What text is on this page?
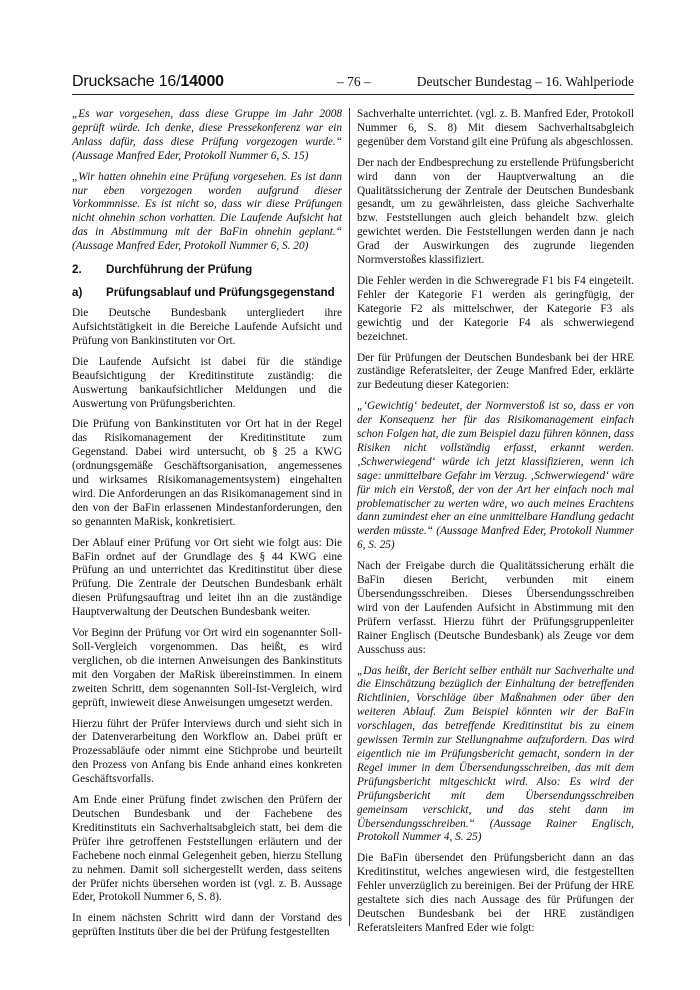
Drucksache 16/14000	– 76 –	Deutscher Bundestag – 16. Wahlperiode

„Es war vorgesehen, dass diese Gruppe im Jahr 2008 geprüft würde. Ich denke, diese Pressekonferenz war ein Anlass dafür, dass diese Prüfung vorgezogen wurde.“ (Aussage Manfred Eder, Protokoll Nummer 6, S. 15)

„Wir hatten ohnehin eine Prüfung vorgesehen. Es ist dann nur eben vorgezogen worden aufgrund dieser Vorkommnisse. Es ist nicht so, dass wir diese Prüfungen nicht ohnehin schon vorhatten. Die Laufende Aufsicht hat das in Abstimmung mit der BaFin ohnehin geplant.“ (Aussage Manfred Eder, Protokoll Nummer 6, S. 20)

2. Durchführung der Prüfung
a) Prüfungsablauf und Prüfungsgegenstand

Die Deutsche Bundesbank untergliedert ihre Aufsichtstätigkeit in die Bereiche Laufende Aufsicht und Prüfung von Bankinstituten vor Ort.

Die Laufende Aufsicht ist dabei für die ständige Beaufsichtigung der Kreditinstitute zuständig: die Auswertung bankaufsichtlicher Meldungen und die Auswertung von Prüfungsberichten.

Die Prüfung von Bankinstituten vor Ort hat in der Regel das Risikomanagement der Kreditinstitute zum Gegenstand. Dabei wird untersucht, ob § 25 a KWG (ordnungsgemäße Geschäftsorganisation, angemessenes und wirksames Risikomanagementsystem) eingehalten wird. Die Anforderungen an das Risikomanagement sind in den von der BaFin erlassenen Mindestanforderungen, den so genannten MaRisk, konkretisiert.

Der Ablauf einer Prüfung vor Ort sieht wie folgt aus: Die BaFin ordnet auf der Grundlage des § 44 KWG eine Prüfung an und unterrichtet das Kreditinstitut über diese Prüfung. Die Zentrale der Deutschen Bundesbank erhält diesen Prüfungsauftrag und leitet ihn an die zuständige Hauptverwaltung der Deutschen Bundesbank weiter.

Vor Beginn der Prüfung vor Ort wird ein sogenannter Soll-Soll-Vergleich vorgenommen. Das heißt, es wird verglichen, ob die internen Anweisungen des Bankinstituts mit den Vorgaben der MaRisk übereinstimmen. In einem zweiten Schritt, dem sogenannten Soll-Ist-Vergleich, wird geprüft, inwieweit diese Anweisungen umgesetzt werden.

Hierzu führt der Prüfer Interviews durch und sieht sich in der Datenverarbeitung den Workflow an. Dabei prüft er Prozessabläufe oder nimmt eine Stichprobe und beurteilt den Prozess von Anfang bis Ende anhand eines konkreten Geschäftsvorfalls.

Am Ende einer Prüfung findet zwischen den Prüfern der Deutschen Bundesbank und der Fachebene des Kreditinstituts ein Sachverhaltsabgleich statt, bei dem die Prüfer ihre getroffenen Feststellungen erläutern und der Fachebene noch einmal Gelegenheit geben, hierzu Stellung zu nehmen. Damit soll sichergestellt werden, dass seitens der Prüfer nichts übersehen worden ist (vgl. z. B. Aussage Eder, Protokoll Nummer 6, S. 8).

In einem nächsten Schritt wird dann der Vorstand des geprüften Instituts über die bei der Prüfung festgestellten

Sachverhalte unterrichtet. (vgl. z. B. Manfred Eder, Protokoll Nummer 6, S. 8) Mit diesem Sachverhaltsabgleich gegenüber dem Vorstand gilt eine Prüfung als abgeschlossen.

Der nach der Endbesprechung zu erstellende Prüfungsbericht wird dann von der Hauptverwaltung an die Qualitätssicherung der Zentrale der Deutschen Bundesbank gesandt, um zu gewährleisten, dass gleiche Sachverhalte bzw. Feststellungen auch gleich behandelt bzw. gleich gewichtet werden. Die Feststellungen werden dann je nach Grad der Auswirkungen des zugrunde liegenden Normverstoßes klassifiziert.

Die Fehler werden in die Schweregrade F1 bis F4 eingeteilt. Fehler der Kategorie F1 werden als geringfügig, der Kategorie F2 als mittelschwer, der Kategorie F3 als gewichtig und der Kategorie F4 als schwerwiegend bezeichnet.

Der für Prüfungen der Deutschen Bundesbank bei der HRE zuständige Referatsleiter, der Zeuge Manfred Eder, erklärte zur Bedeutung dieser Kategorien:

„‘Gewichtig‘ bedeutet, der Normverstoß ist so, dass er von der Konsequenz her für das Risikomanagement einfach schon Folgen hat, die zum Beispiel dazu führen können, dass Risiken nicht vollständig erfasst, erkannt werden. ‚Schwerwiegend‘ würde ich jetzt klassifizieren, wenn ich sage: unmittelbare Gefahr im Verzug. ‚Schwerwiegend‘ wäre für mich ein Verstoß, der von der Art her einfach noch mal problematischer zu werten wäre, wo auch meines Erachtens dann zumindest eher an eine unmittelbare Handlung gedacht werden müsste.“ (Aussage Manfred Eder, Protokoll Nummer 6, S. 25)

Nach der Freigabe durch die Qualitätssicherung erhält die BaFin diesen Bericht, verbunden mit einem Übersendungsschreiben. Dieses Übersendungsschreiben wird von der Laufenden Aufsicht in Abstimmung mit den Prüfern verfasst. Hierzu führt der Prüfungsgruppenleiter Rainer Englisch (Deutsche Bundesbank) als Zeuge vor dem Ausschuss aus:

„Das heißt, der Bericht selber enthält nur Sachverhalte und die Einschätzung bezüglich der Einhaltung der betreffenden Richtlinien, Vorschläge über Maßnahmen oder über den weiteren Ablauf. Zum Beispiel könnten wir der BaFin vorschlagen, das betreffende Kreditinstitut bis zu einem gewissen Termin zur Stellungnahme aufzufordern. Das wird eigentlich nie im Prüfungsbericht gemacht, sondern in der Regel immer in dem Übersendungsschreiben, das mit dem Prüfungsbericht mitgeschickt wird. Also: Es wird der Prüfungsbericht mit dem Übersendungsschreiben gemeinsam verschickt, und das steht dann im Übersendungsschreiben.“ (Aussage Rainer Englisch, Protokoll Nummer 4, S. 25)

Die BaFin übersendet den Prüfungsbericht dann an das Kreditinstitut, welches angewiesen wird, die festgestellten Fehler unverzüglich zu bereinigen. Bei der Prüfung der HRE gestaltete sich dies nach Aussage des für Prüfungen der Deutschen Bundesbank bei der HRE zuständigen Referatsleiters Manfred Eder wie folgt:
